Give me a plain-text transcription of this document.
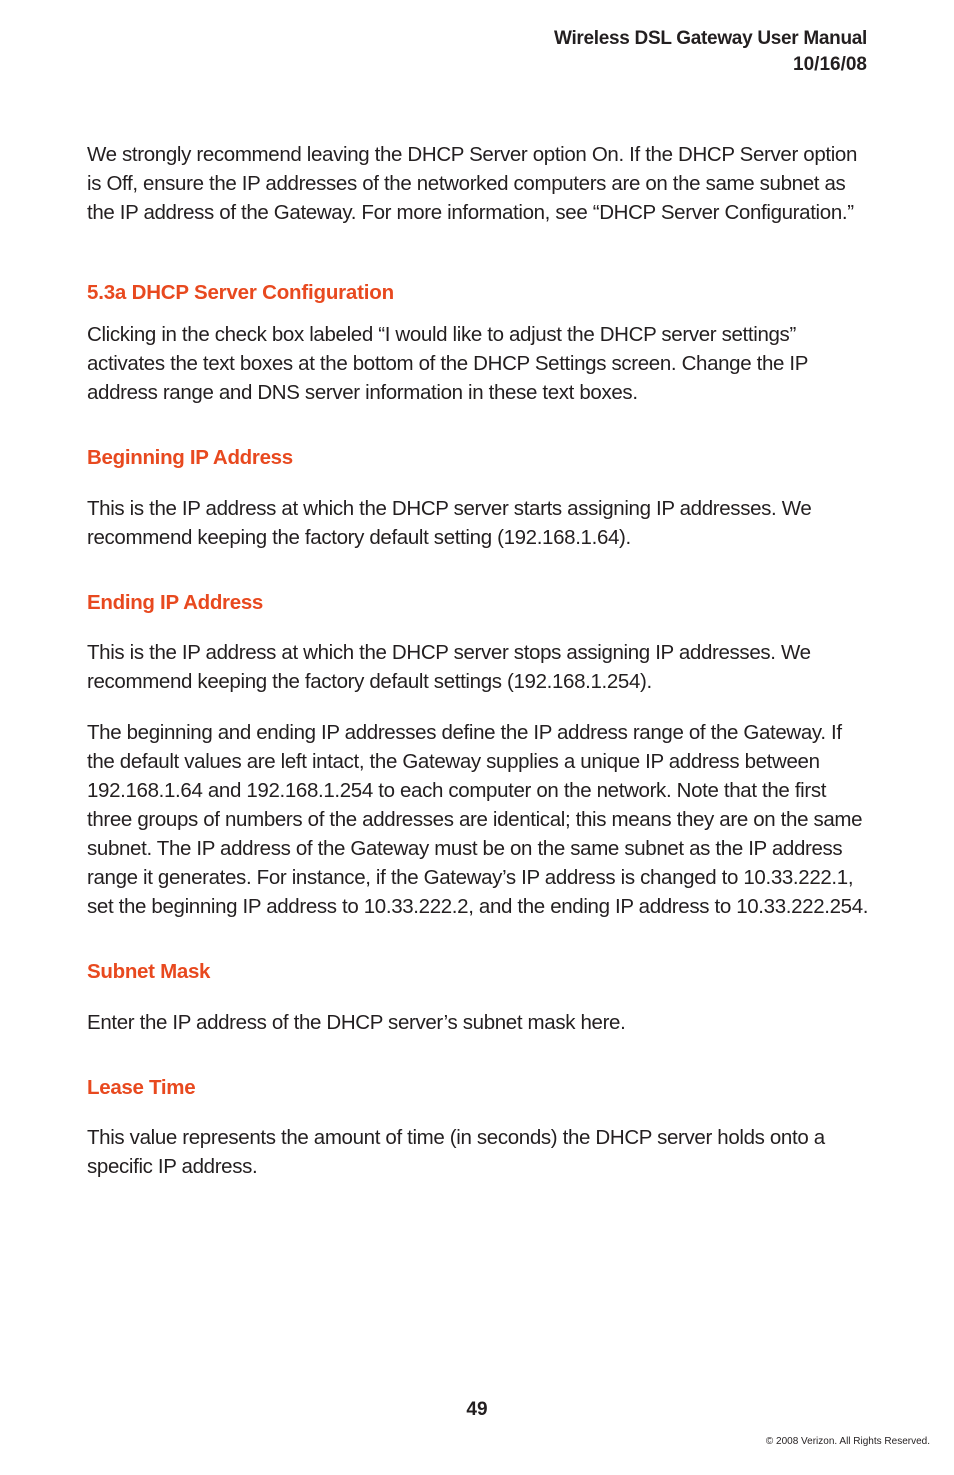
Wireless DSL Gateway User Manual
10/16/08

We strongly recommend leaving the DHCP Server option On. If the DHCP Server option is Off, ensure the IP addresses of the networked computers are on the same subnet as the IP address of the Gateway. For more information, see “DHCP Server Configuration.”

5.3a DHCP Server Configuration

Clicking in the check box labeled “I would like to adjust the DHCP server settings” activates the text boxes at the bottom of the DHCP Settings screen. Change the IP address range and DNS server information in these text boxes.

Beginning IP Address

This is the IP address at which the DHCP server starts assigning IP addresses. We recommend keeping the factory default setting (192.168.1.64).

Ending IP Address

This is the IP address at which the DHCP server stops assigning IP addresses. We recommend keeping the factory default settings (192.168.1.254).

The beginning and ending IP addresses define the IP address range of the Gateway. If the default values are left intact, the Gateway supplies a unique IP address between 192.168.1.64 and 192.168.1.254 to each computer on the network. Note that the first three groups of numbers of the addresses are identical; this means they are on the same subnet. The IP address of the Gateway must be on the same subnet as the IP address range it generates. For instance, if the Gateway’s IP address is changed to 10.33.222.1, set the beginning IP address to 10.33.222.2, and the ending IP address to 10.33.222.254.

Subnet Mask

Enter the IP address of the DHCP server’s subnet mask here.

Lease Time

This value represents the amount of time (in seconds) the DHCP server holds onto a specific IP address.

49
© 2008 Verizon. All Rights Reserved.
